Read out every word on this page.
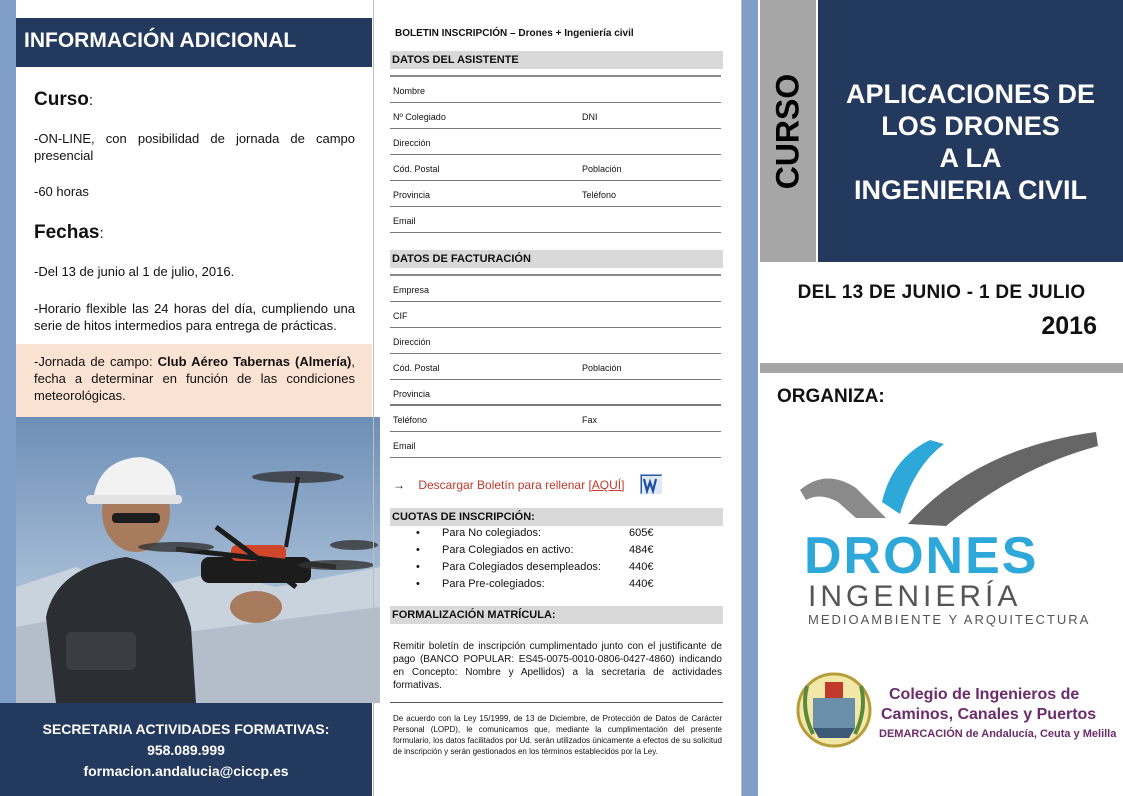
INFORMACIÓN ADICIONAL
Curso:
-ON-LINE, con posibilidad de jornada de campo presencial
-60 horas
Fechas:
-Del 13 de junio al 1 de julio, 2016.
-Horario flexible las 24 horas del día, cumpliendo una serie de hitos intermedios para entrega de prácticas.
-Jornada de campo: Club Aéreo Tabernas (Almería), fecha a determinar en función de las condiciones meteorológicas.
SECRETARIA ACTIVIDADES FORMATIVAS:
958.089.999
formacion.andalucia@ciccp.es
BOLETIN INSCRIPCIÓN – Drones + Ingeniería civil
DATOS DEL ASISTENTE
Nombre
Nº Colegiado	DNI
Dirección
Cód. Postal	Población
Provincia	Teléfono
Email
DATOS DE FACTURACIÓN
Empresa
CIF
Dirección
Cód. Postal	Población
Provincia
Teléfono	Fax
Email
→ Descargar Boletín para rellenar [AQUÍ]
CUOTAS DE INSCRIPCIÓN:
• Para No colegiados:	605€
• Para Colegiados en activo:	484€
• Para Colegiados desempleados:	440€
• Para Pre-colegiados:	440€
FORMALIZACIÓN MATRÍCULA:
Remitir boletín de inscripción cumplimentado junto con el justificante de pago (BANCO POPULAR: ES45-0075-0010-0806-0427-4860) indicando en Concepto: Nombre y Apellidos) a la secretaria de actividades formativas.
De acuerdo con la Ley 15/1999, de 13 de Diciembre, de Protección de Datos de Carácter Personal (LOPD), le comunicamos que, mediante la cumplimentación del presente formulario, los datos facilitados por Ud. serán utilizados únicamente a efectos de su solicitud de inscripción y serán gestionados en los términos establecidos por la Ley.
CURSO	APLICACIONES DE
LOS DRONES
A LA
INGENIERIA CIVIL
DEL 13 DE JUNIO - 1 DE JULIO
2016
ORGANIZA:
DRONES
INGENIERÍA
MEDIOAMBIENTE Y ARQUITECTURA
Colegio de Ingenieros de
Caminos, Canales y Puertos
DEMARCACIÓN de Andalucía, Ceuta y Melilla
